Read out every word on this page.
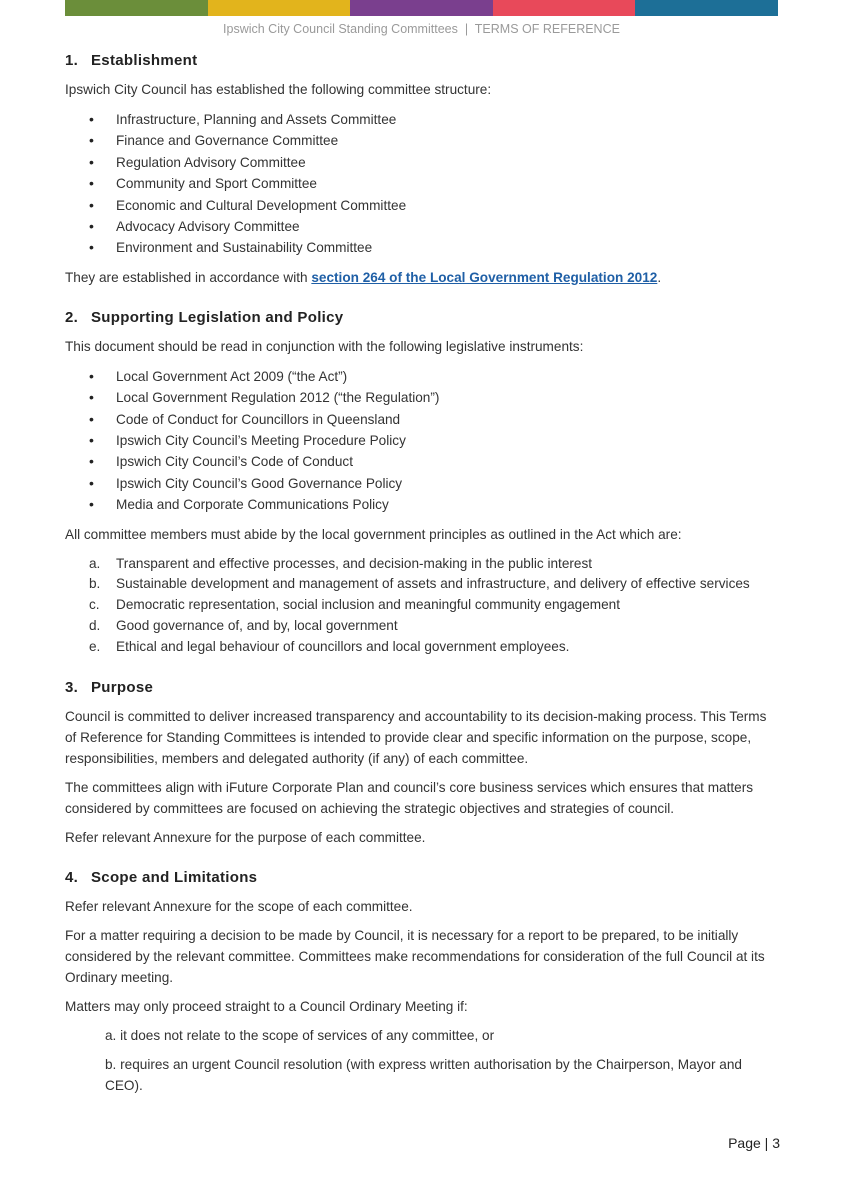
Ipswich City Council Standing Committees | TERMS OF REFERENCE
1. Establishment

Ipswich City Council has established the following committee structure:

• Infrastructure, Planning and Assets Committee
• Finance and Governance Committee
• Regulation Advisory Committee
• Community and Sport Committee
• Economic and Cultural Development Committee
• Advocacy Advisory Committee
• Environment and Sustainability Committee

They are established in accordance with section 264 of the Local Government Regulation 2012.

2. Supporting Legislation and Policy

This document should be read in conjunction with the following legislative instruments:

• Local Government Act 2009 (“the Act”)
• Local Government Regulation 2012 (“the Regulation”)
• Code of Conduct for Councillors in Queensland
• Ipswich City Council’s Meeting Procedure Policy
• Ipswich City Council’s Code of Conduct
• Ipswich City Council’s Good Governance Policy
• Media and Corporate Communications Policy

All committee members must abide by the local government principles as outlined in the Act which are:

a. Transparent and effective processes, and decision-making in the public interest
b. Sustainable development and management of assets and infrastructure, and delivery of effective services
c. Democratic representation, social inclusion and meaningful community engagement
d. Good governance of, and by, local government
e. Ethical and legal behaviour of councillors and local government employees.
3. Purpose

Council is committed to deliver increased transparency and accountability to its decision-making process. This Terms of Reference for Standing Committees is intended to provide clear and specific information on the purpose, scope, responsibilities, members and delegated authority (if any) of each committee.

The committees align with iFuture Corporate Plan and council’s core business services which ensures that matters considered by committees are focused on achieving the strategic objectives and strategies of council.

Refer relevant Annexure for the purpose of each committee.

4. Scope and Limitations

Refer relevant Annexure for the scope of each committee.

For a matter requiring a decision to be made by Council, it is necessary for a report to be prepared, to be initially considered by the relevant committee. Committees make recommendations for consideration of the full Council at its Ordinary meeting.

Matters may only proceed straight to a Council Ordinary Meeting if:

a. it does not relate to the scope of services of any committee, or

b. requires an urgent Council resolution (with express written authorisation by the Chairperson, Mayor and CEO).

Page | 3
